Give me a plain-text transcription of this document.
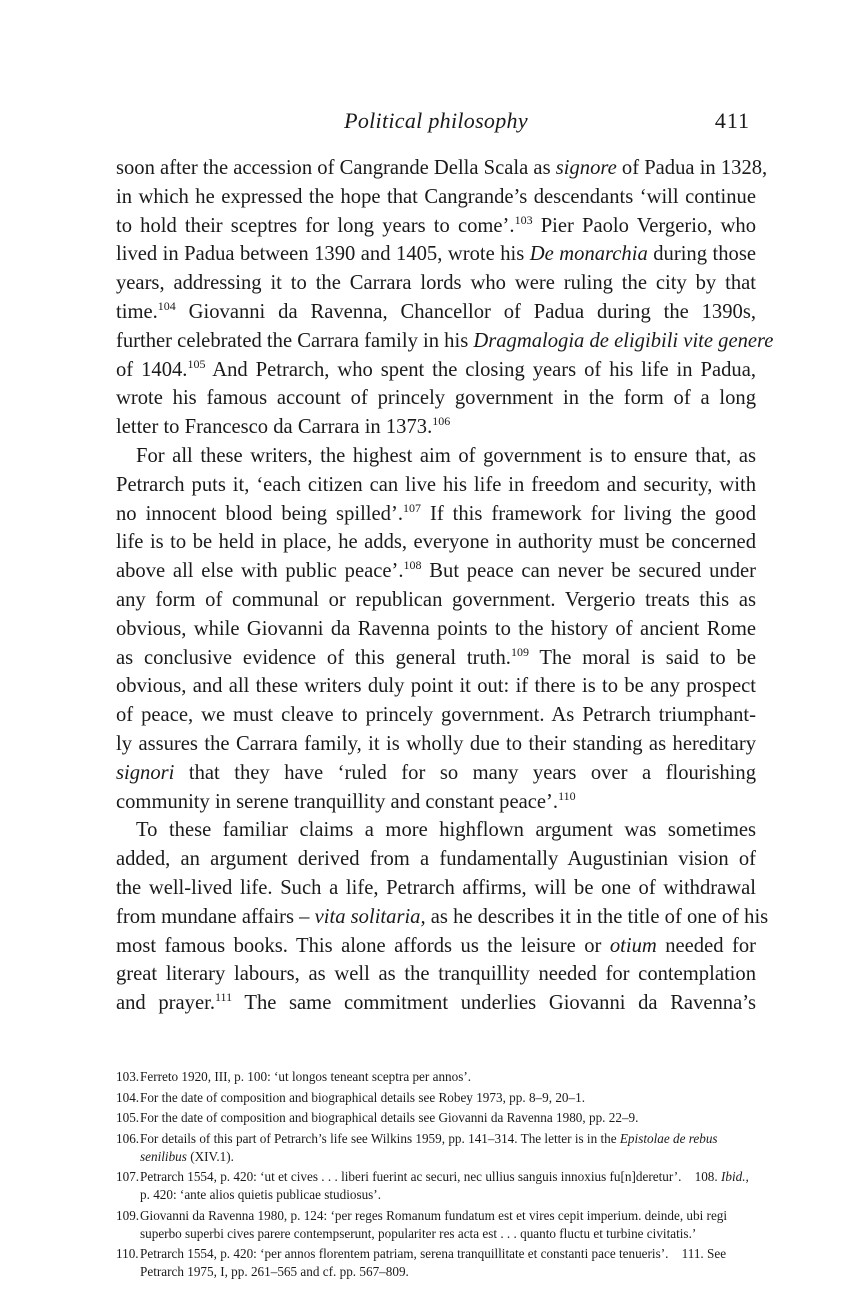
Political philosophy	411

soon after the accession of Cangrande Della Scala as signore of Padua in 1328,
in which he expressed the hope that Cangrande’s descendants ‘will continue
to hold their sceptres for long years to come’.$^{103}$ Pier Paolo Vergerio, who
lived in Padua between 1390 and 1405, wrote his De monarchia during those
years, addressing it to the Carrara lords who were ruling the city by that
time.$^{104}$ Giovanni da Ravenna, Chancellor of Padua during the 1390s,
further celebrated the Carrara family in his Dragmalogia de eligibili vite genere
of 1404.$^{105}$ And Petrarch, who spent the closing years of his life in Padua,
wrote his famous account of princely government in the form of a long
letter to Francesco da Carrara in 1373.$^{106}$

For all these writers, the highest aim of government is to ensure that, as
Petrarch puts it, ‘each citizen can live his life in freedom and security, with
no innocent blood being spilled’.$^{107}$ If this framework for living the good
life is to be held in place, he adds, everyone in authority must be concerned
above all else with public peace’.$^{108}$ But peace can never be secured under
any form of communal or republican government. Vergerio treats this as
obvious, while Giovanni da Ravenna points to the history of ancient Rome
as conclusive evidence of this general truth.$^{109}$ The moral is said to be
obvious, and all these writers duly point it out: if there is to be any prospect
of peace, we must cleave to princely government. As Petrarch triumphant-
ly assures the Carrara family, it is wholly due to their standing as hereditary
signori that they have ‘ruled for so many years over a flourishing
community in serene tranquillity and constant peace’.$^{110}$

To these familiar claims a more highflown argument was sometimes
added, an argument derived from a fundamentally Augustinian vision of
the well-lived life. Such a life, Petrarch affirms, will be one of withdrawal
from mundane affairs – vita solitaria, as he describes it in the title of one of his
most famous books. This alone affords us the leisure or otium needed for
great literary labours, as well as the tranquillity needed for contemplation
and prayer.$^{111}$ The same commitment underlies Giovanni da Ravenna’s

103. Ferreto 1920, III, p. 100: ‘ut longos teneant sceptra per annos’.
104. For the date of composition and biographical details see Robey 1973, pp. 8–9, 20–1.
105. For the date of composition and biographical details see Giovanni da Ravenna 1980, pp. 22–9.
106. For details of this part of Petrarch’s life see Wilkins 1959, pp. 141–314. The letter is in the Epistolae de rebus senilibus (XIV.1).
107. Petrarch 1554, p. 420: ‘ut et cives . . . liberi fuerint ac securi, nec ullius sanguis innoxius fu[n]deretur’. 108. Ibid., p. 420: ‘ante alios quietis publicae studiosus’.
109. Giovanni da Ravenna 1980, p. 124: ‘per reges Romanum fundatum est et vires cepit imperium. deinde, ubi regi superbo superbi cives parere contempserunt, populariter res acta est . . . quanto fluctu et turbine civitatis.’
110. Petrarch 1554, p. 420: ‘per annos florentem patriam, serena tranquillitate et constanti pace tenueris’. 111. See Petrarch 1975, I, pp. 261–565 and cf. pp. 567–809.
